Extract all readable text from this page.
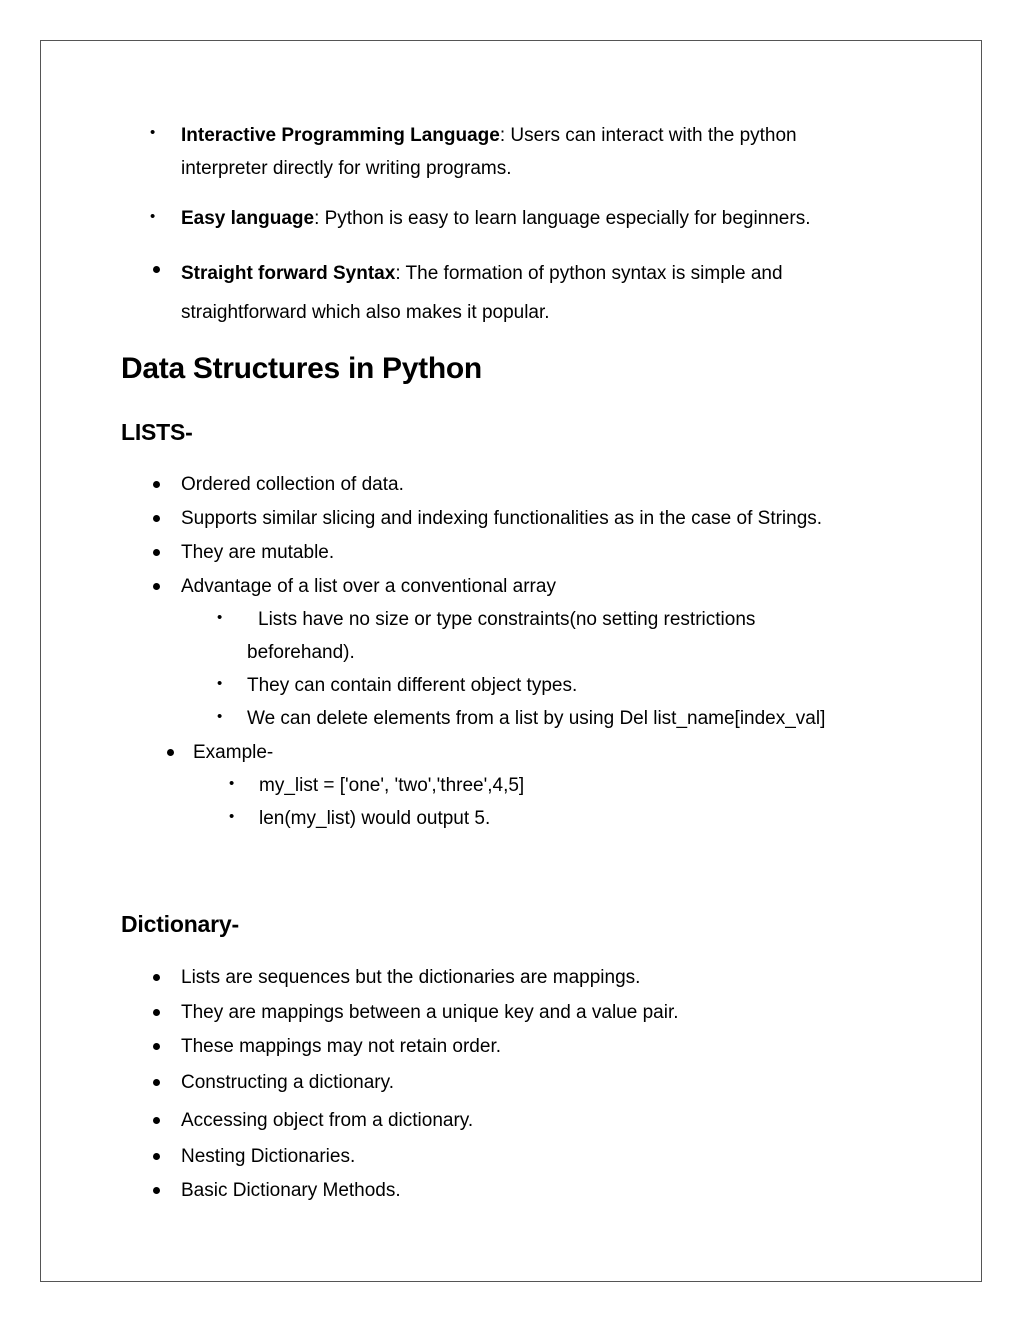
• Interactive Programming Language: Users can interact with the python

interpreter directly for writing programs.

• Easy language: Python is easy to learn language especially for beginners.

Straight forward Syntax: The formation of python syntax is simple and

straightforward which also makes it popular.

Data Structures in Python
LISTS-

Ordered collection of data.

Supports similar slicing and indexing functionalities as in the case of Strings.

They are mutable.

Advantage of a list over a conventional array

• Lists have no size or type constraints(no setting restrictions

beforehand).

• They can contain different object types.

• We can delete elements from a list by using Del list_name[index_val]

Example-

• my_list = ['one', 'two','three',4,5]

• len(my_list) would output 5.

Dictionary-

Lists are sequences but the dictionaries are mappings.

They are mappings between a unique key and a value pair.

These mappings may not retain order.

Constructing a dictionary.

Accessing object from a dictionary.

Nesting Dictionaries.

Basic Dictionary Methods.
